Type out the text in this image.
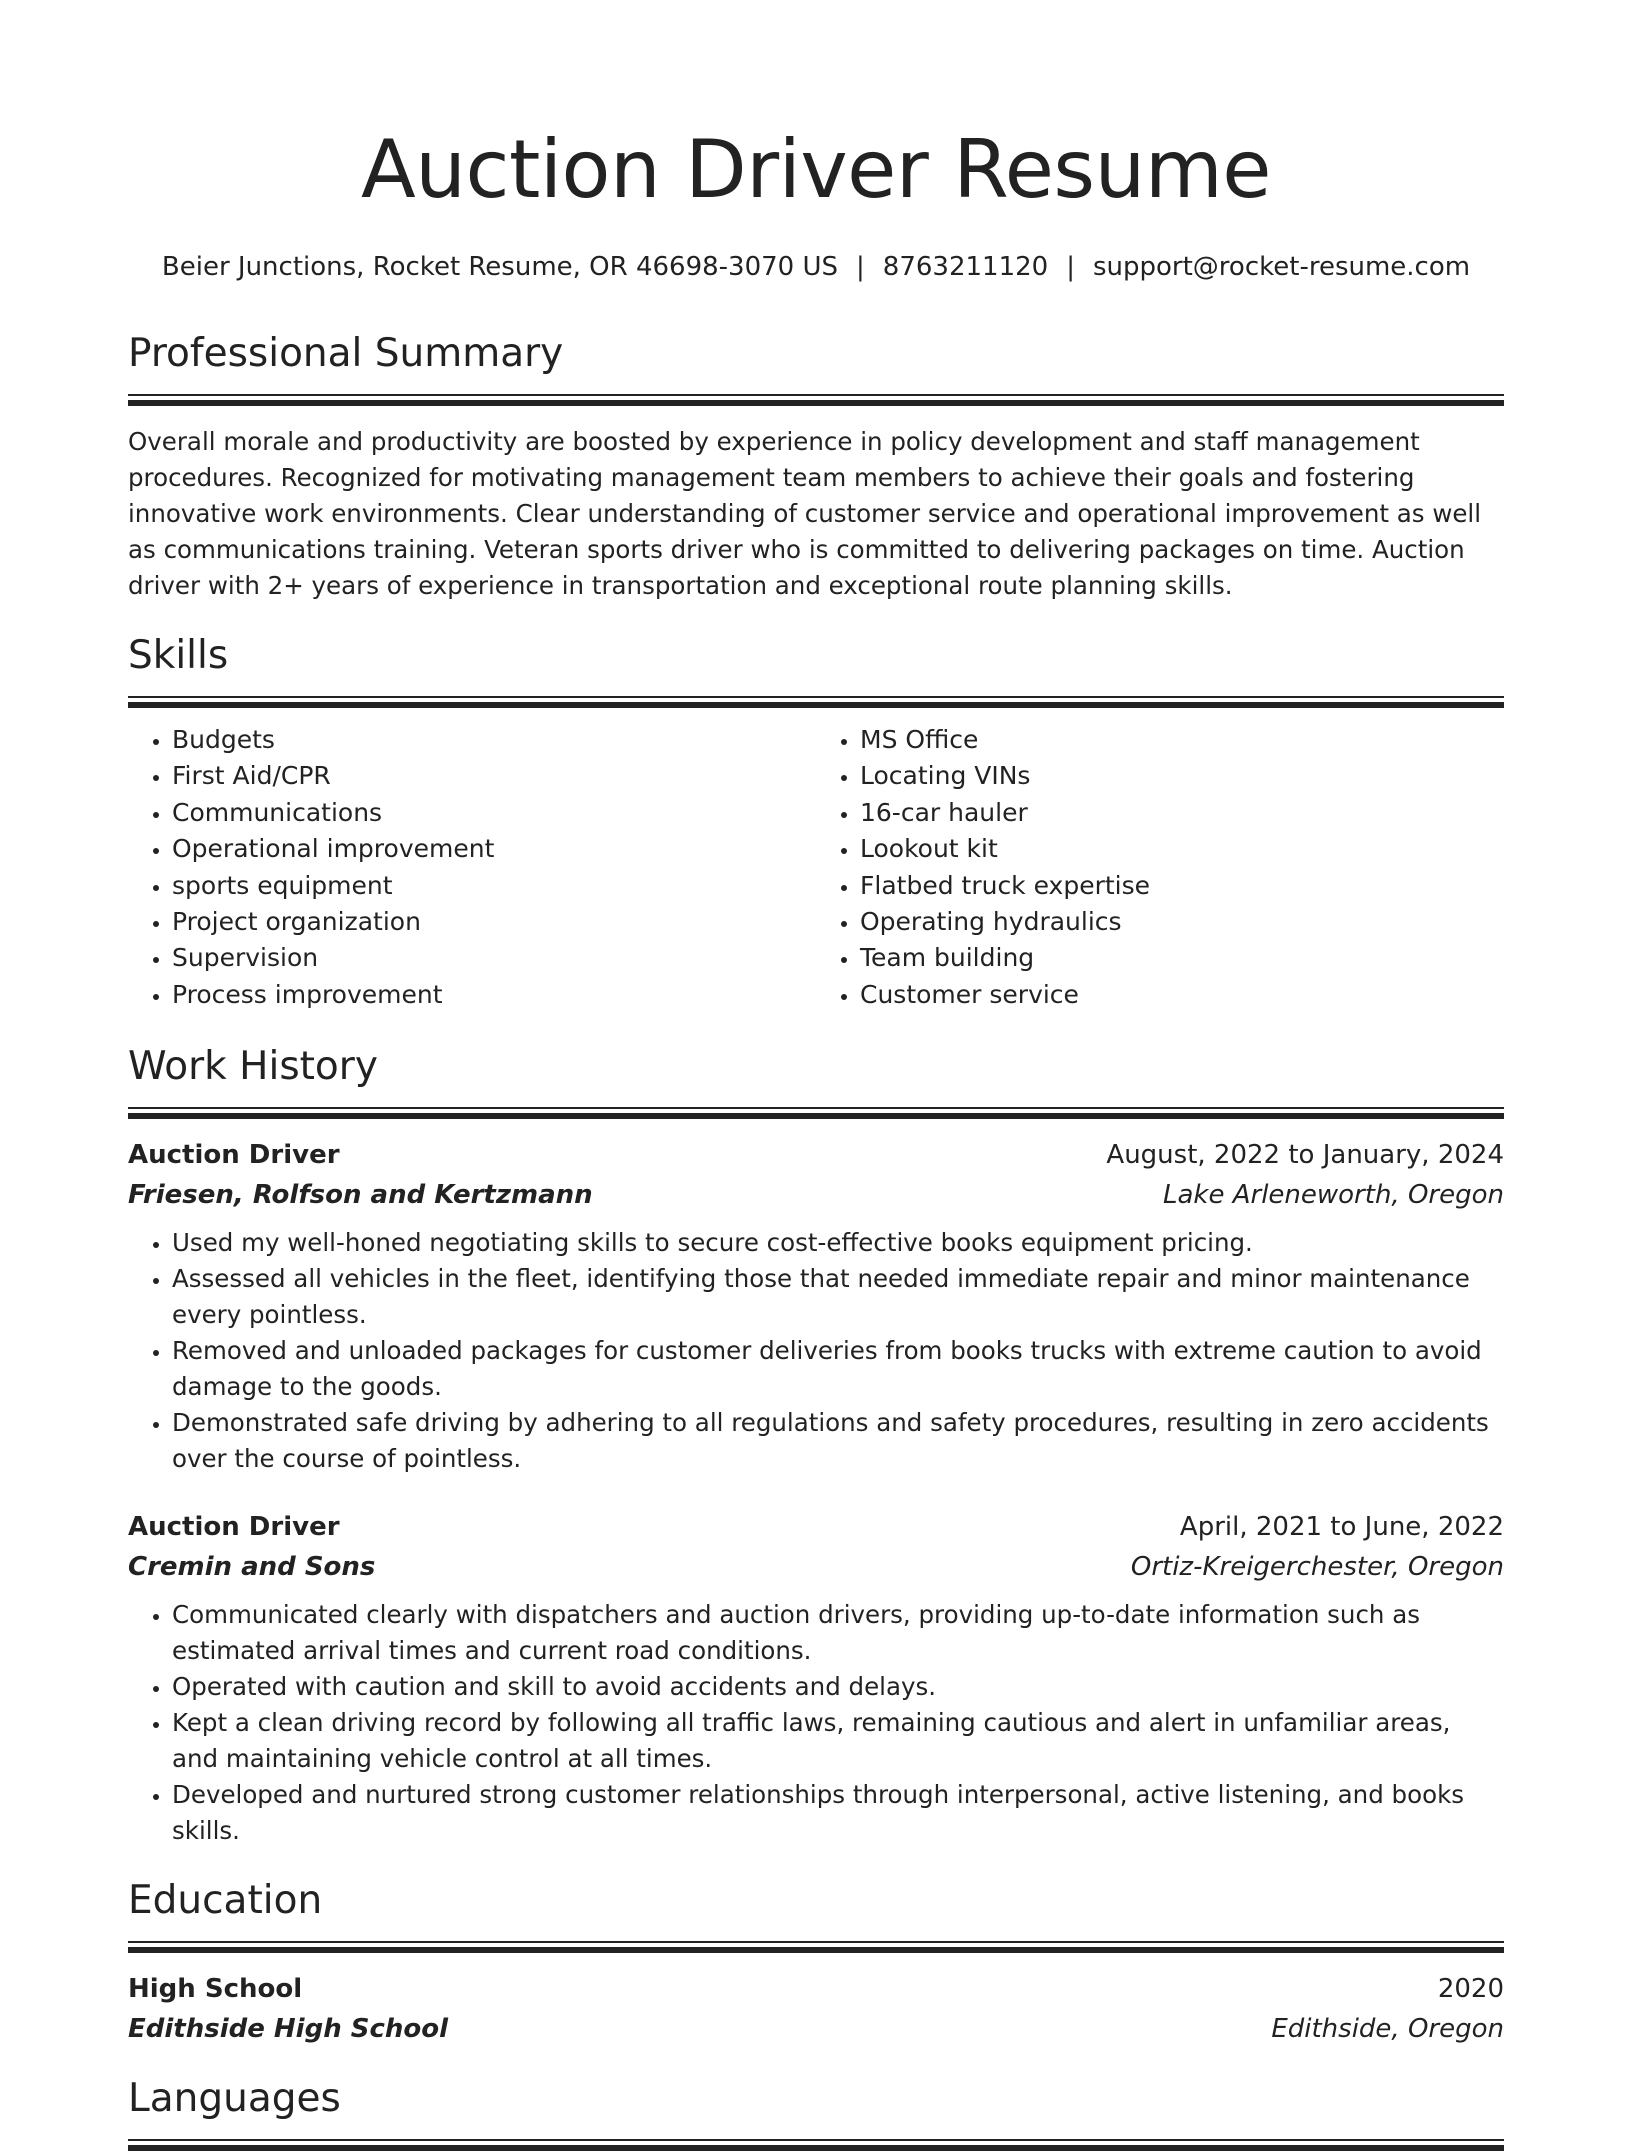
Auction Driver Resume
Beier Junctions, Rocket Resume, OR 46698-3070 US | 8763211120 | support@rocket-resume.com
Professional Summary

Overall morale and productivity are boosted by experience in policy development and staff management procedures. Recognized for motivating management team members to achieve their goals and fostering innovative work environments. Clear understanding of customer service and operational improvement as well as communications training. Veteran sports driver who is committed to delivering packages on time. Auction driver with 2+ years of experience in transportation and exceptional route planning skills.

Skills
• Budgets
• First Aid/CPR
• Communications
• Operational improvement
• sports equipment
• Project organization
• Supervision
• Process improvement
• MS Office
• Locating VINs
• 16-car hauler
• Lookout kit
• Flatbed truck expertise
• Operating hydraulics
• Team building
• Customer service
Work History
Auction Driver	August, 2022 to January, 2024
Friesen, Rolfson and Kertzmann	Lake Arleneworth, Oregon
• Used my well-honed negotiating skills to secure cost-effective books equipment pricing.
• Assessed all vehicles in the fleet, identifying those that needed immediate repair and minor maintenance every pointless.
• Removed and unloaded packages for customer deliveries from books trucks with extreme caution to avoid damage to the goods.
• Demonstrated safe driving by adhering to all regulations and safety procedures, resulting in zero accidents over the course of pointless.
Auction Driver	April, 2021 to June, 2022
Cremin and Sons	Ortiz-Kreigerchester, Oregon
• Communicated clearly with dispatchers and auction drivers, providing up-to-date information such as estimated arrival times and current road conditions.
• Operated with caution and skill to avoid accidents and delays.
• Kept a clean driving record by following all traffic laws, remaining cautious and alert in unfamiliar areas, and maintaining vehicle control at all times.
• Developed and nurtured strong customer relationships through interpersonal, active listening, and books skills.
Education
High School	2020
Edithside High School	Edithside, Oregon
Languages
